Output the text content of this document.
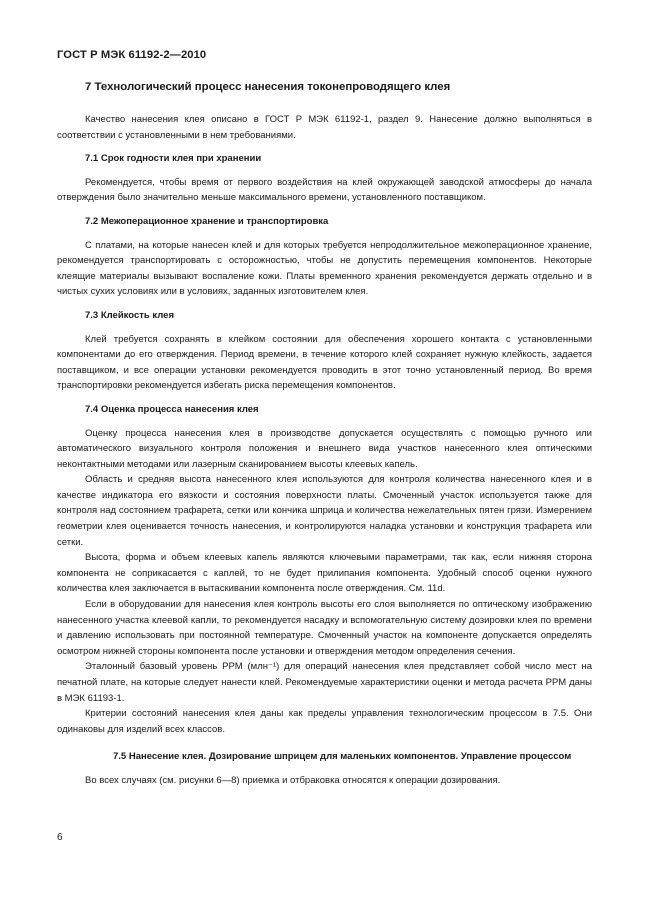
ГОСТ Р МЭК 61192-2—2010
7 Технологический процесс нанесения токонепроводящего клея

Качество нанесения клея описано в ГОСТ Р МЭК 61192-1, раздел 9. Нанесение должно выполняться в соответствии с установленными в нем требованиями.

7.1 Срок годности клея при хранении

Рекомендуется, чтобы время от первого воздействия на клей окружающей заводской атмосферы до начала отверждения было значительно меньше максимального времени, установленного поставщиком.

7.2 Межоперационное хранение и транспортировка

С платами, на которые нанесен клей и для которых требуется непродолжительное межоперационное хранение, рекомендуется транспортировать с осторожностью, чтобы не допустить перемещения компонентов. Некоторые клеящие материалы вызывают воспаление кожи. Платы временного хранения рекомендуется держать отдельно и в чистых сухих условиях или в условиях, заданных изготовителем клея.

7.3 Клейкость клея

Клей требуется сохранять в клейком состоянии для обеспечения хорошего контакта с установленными компонентами до его отверждения. Период времени, в течение которого клей сохраняет нужную клейкость, задается поставщиком, и все операции установки рекомендуется проводить в этот точно установленный период. Во время транспортировки рекомендуется избегать риска перемещения компонентов.

7.4 Оценка процесса нанесения клея

Оценку процесса нанесения клея в производстве допускается осуществлять с помощью ручного или автоматического визуального контроля положения и внешнего вида участков нанесенного клея оптическими неконтактными методами или лазерным сканированием высоты клеевых капель.

Область и средняя высота нанесенного клея используются для контроля количества нанесенного клея и в качестве индикатора его вязкости и состояния поверхности платы. Смоченный участок используется также для контроля над состоянием трафарета, сетки или кончика шприца и количества нежелательных пятен грязи. Измерением геометрии клея оценивается точность нанесения, и контролируются наладка установки и конструкция трафарета или сетки.

Высота, форма и объем клеевых капель являются ключевыми параметрами, так как, если нижняя сторона компонента не соприкасается с каплей, то не будет прилипания компонента. Удобный способ оценки нужного количества клея заключается в вытаскивании компонента после отверждения. См. 11d.

Если в оборудовании для нанесения клея контроль высоты его слоя выполняется по оптическому изображению нанесенного участка клеевой капли, то рекомендуется насадку и вспомогательную систему дозировки клея по времени и давлению использовать при постоянной температуре. Смоченный участок на компоненте допускается определять осмотром нижней стороны компонента после установки и отверждения методом определения сечения.

Эталонный базовый уровень PPM (млн⁻¹) для операций нанесения клея представляет собой число мест на печатной плате, на которые следует нанести клей. Рекомендуемые характеристики оценки и метода расчета PPM даны в МЭК 61193-1.

Критерии состояний нанесения клея даны как пределы управления технологическим процессом в 7.5. Они одинаковы для изделий всех классов.

7.5 Нанесение клея. Дозирование шприцем для маленьких компонентов. Управление процессом

Во всех случаях (см. рисунки 6—8) приемка и отбраковка относятся к операции дозирования.

6
